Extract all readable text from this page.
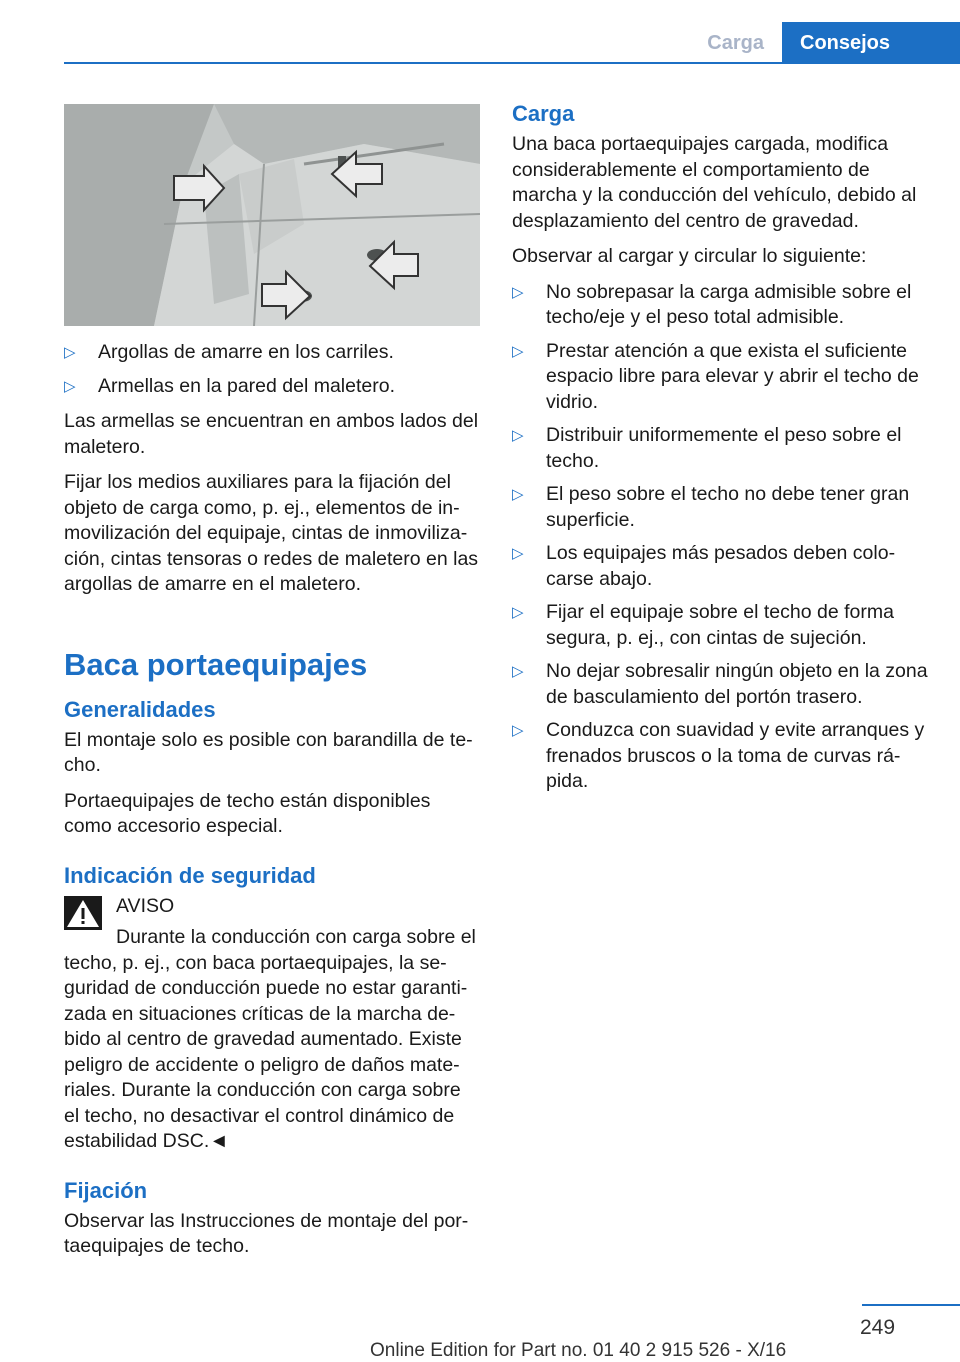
Carga	Consejos
▷ Argollas de amarre en los carriles.
▷ Armellas en la pared del maletero.

Las armellas se encuentran en ambos lados del maletero.

Fijar los medios auxiliares para la fijación del objeto de carga como, p. ej., elementos de in‐movilización del equipaje, cintas de inmoviliza‐ción, cintas tensoras o redes de maletero en las argollas de amarre en el maletero.

Baca portaequipajes
Generalidades

El montaje solo es posible con barandilla de te‐cho.

Portaequipajes de techo están disponibles como accesorio especial.

Indicación de seguridad
AVISO

Durante la conducción con carga sobre el techo, p. ej., con baca portaequipajes, la se‐guridad de conducción puede no estar garanti‐zada en situaciones críticas de la marcha de‐bido al centro de gravedad aumentado. Existe peligro de accidente o peligro de daños mate‐riales. Durante la conducción con carga sobre el techo, no desactivar el control dinámico de estabilidad DSC.◄

Fijación

Observar las Instrucciones de montaje del por‐taequipajes de techo.

Carga

Una baca portaequipajes cargada, modifica considerablemente el comportamiento de marcha y la conducción del vehículo, debido al desplazamiento del centro de gravedad.

Observar al cargar y circular lo siguiente:

▷ No sobrepasar la carga admisible sobre el techo/eje y el peso total admisible.
▷ Prestar atención a que exista el suficiente espacio libre para elevar y abrir el techo de vidrio.
▷ Distribuir uniformemente el peso sobre el techo.
▷ El peso sobre el techo no debe tener gran superficie.
▷ Los equipajes más pesados deben colo‐carse abajo.
▷ Fijar el equipaje sobre el techo de forma segura, p. ej., con cintas de sujeción.
▷ No dejar sobresalir ningún objeto en la zona de basculamiento del portón trasero.
▷ Conduzca con suavidad y evite arranques y frenados bruscos o la toma de curvas rá‐pida.
249
Online Edition for Part no. 01 40 2 915 526 - X/16
